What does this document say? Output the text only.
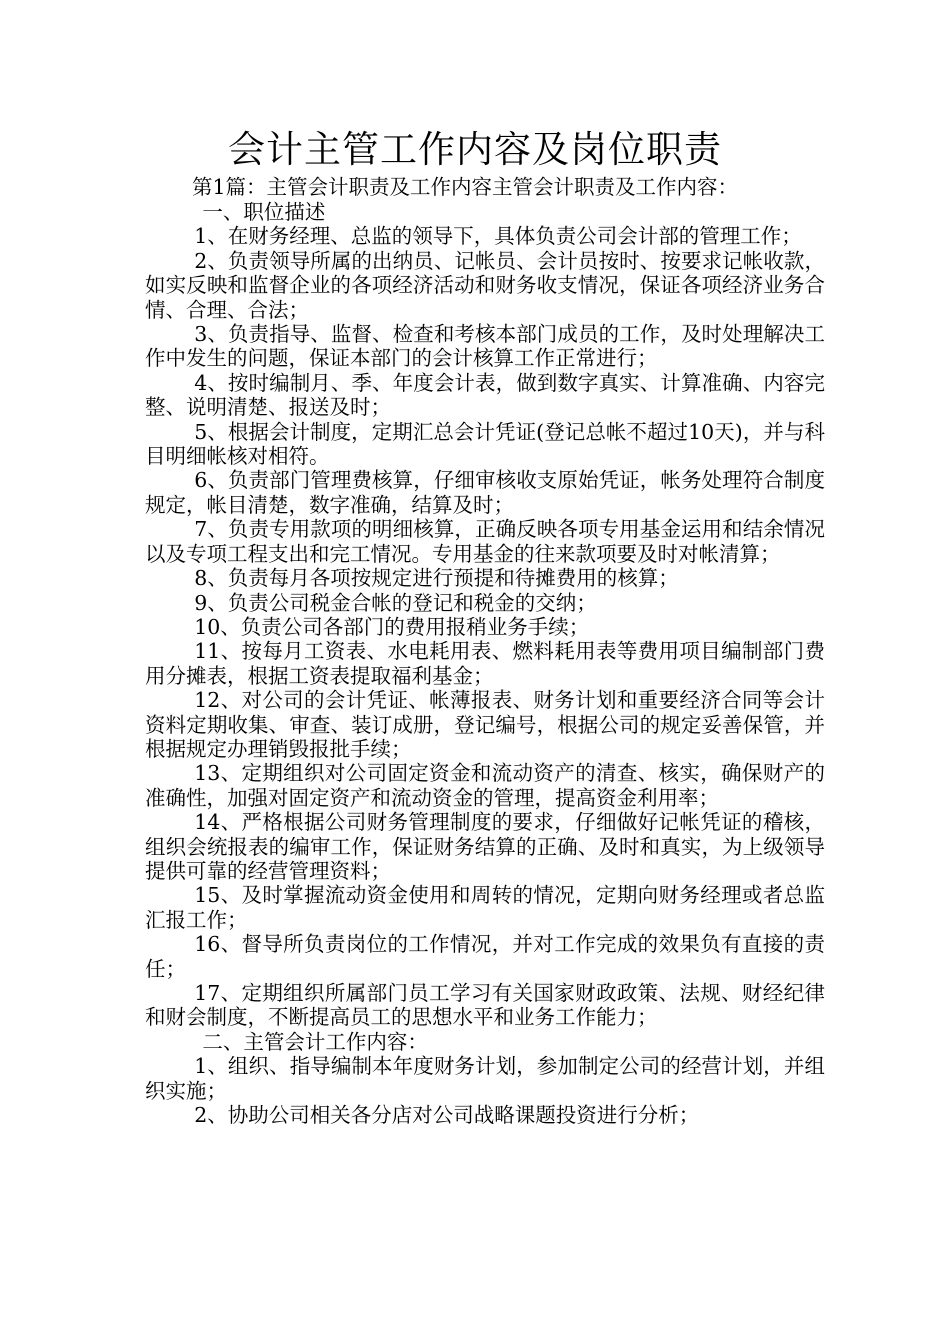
会计主管工作内容及岗位职责
第1篇：主管会计职责及工作内容主管会计职责及工作内容：

一、职位描述

1、在财务经理、总监的领导下，具体负责公司会计部的管理工作；

2、负责领导所属的出纳员、记帐员、会计员按时、按要求记帐收款，如实反映和监督企业的各项经济活动和财务收支情况，保证各项经济业务合情、合理、合法；

3、负责指导、监督、检查和考核本部门成员的工作，及时处理解决工作中发生的问题，保证本部门的会计核算工作正常进行；

4、按时编制月、季、年度会计表，做到数字真实、计算准确、内容完整、说明清楚、报送及时；

5、根据会计制度，定期汇总会计凭证(登记总帐不超过10天)，并与科目明细帐核对相符。

6、负责部门管理费核算，仔细审核收支原始凭证，帐务处理符合制度规定，帐目清楚，数字准确，结算及时；

7、负责专用款项的明细核算，正确反映各项专用基金运用和结余情况以及专项工程支出和完工情况。专用基金的往来款项要及时对帐清算；

8、负责每月各项按规定进行预提和待摊费用的核算；

9、负责公司税金合帐的登记和税金的交纳；

10、负责公司各部门的费用报稍业务手续；

11、按每月工资表、水电耗用表、燃料耗用表等费用项目编制部门费用分摊表，根据工资表提取福利基金；

12、对公司的会计凭证、帐薄报表、财务计划和重要经济合同等会计资料定期收集、审查、装订成册，登记编号，根据公司的规定妥善保管，并根据规定办理销毁报批手续；

13、定期组织对公司固定资金和流动资产的清查、核实，确保财产的准确性，加强对固定资产和流动资金的管理，提高资金利用率；

14、严格根据公司财务管理制度的要求，仔细做好记帐凭证的稽核，组织会统报表的编审工作，保证财务结算的正确、及时和真实，为上级领导提供可靠的经营管理资料；

15、及时掌握流动资金使用和周转的情况，定期向财务经理或者总监汇报工作；

16、督导所负责岗位的工作情况，并对工作完成的效果负有直接的责任；

17、定期组织所属部门员工学习有关国家财政政策、法规、财经纪律和财会制度，不断提高员工的思想水平和业务工作能力；

二、主管会计工作内容：

1、组织、指导编制本年度财务计划，参加制定公司的经营计划，并组织实施；

2、协助公司相关各分店对公司战略课题投资进行分析；
